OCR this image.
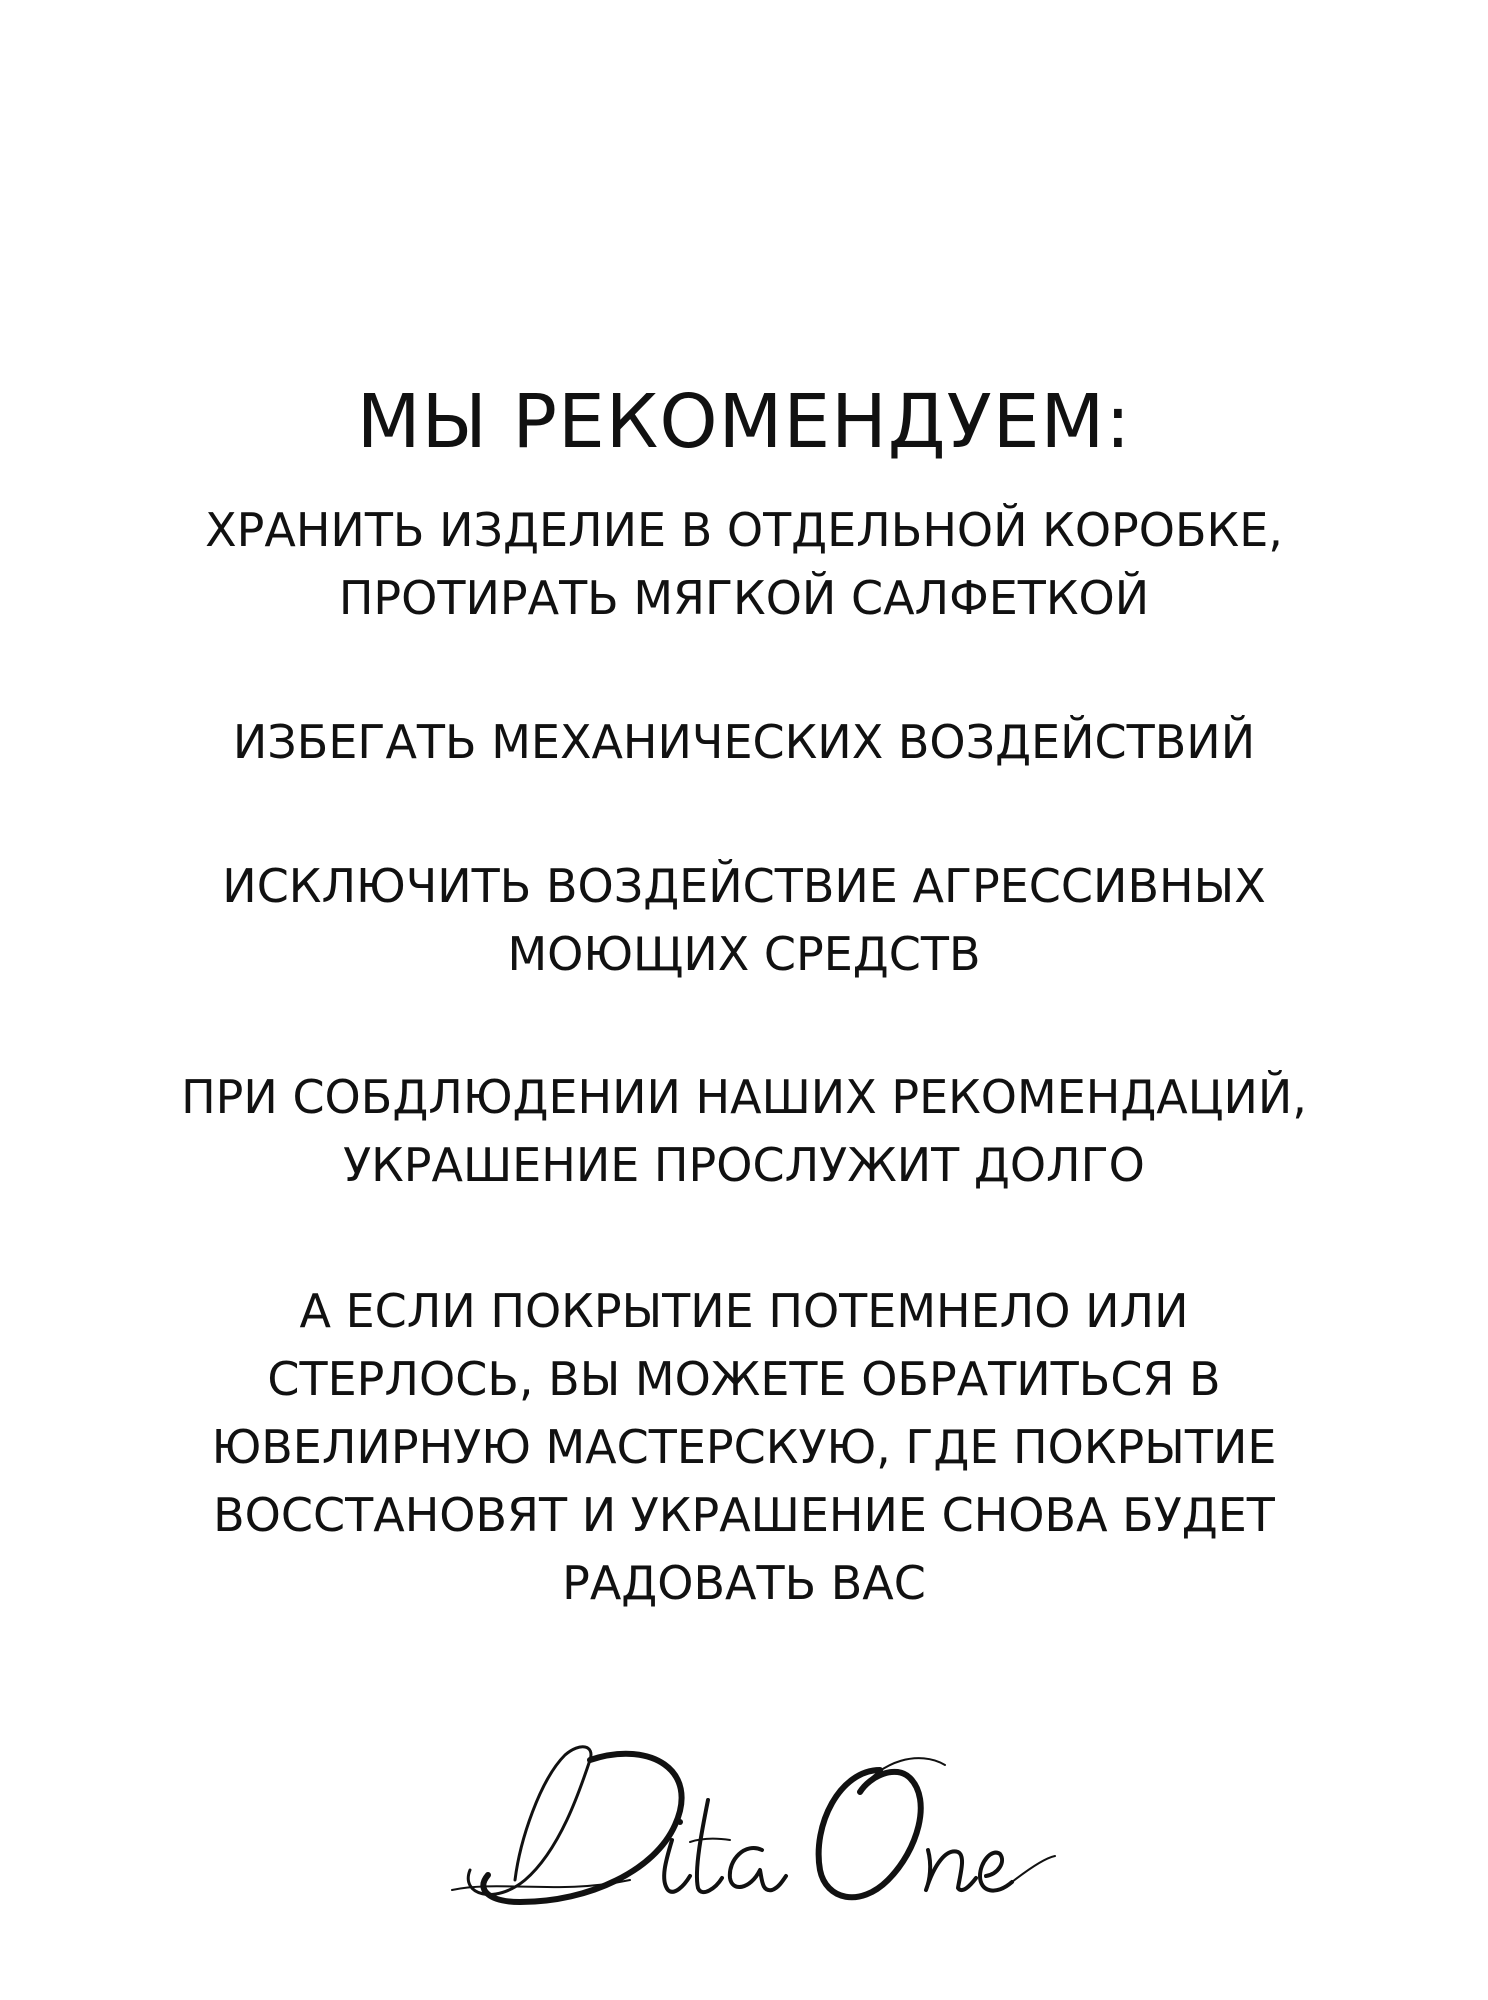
МЫ РЕКОМЕНДУЕМ:
ХРАНИТЬ ИЗДЕЛИЕ В ОТДЕЛЬНОЙ КОРОБКЕ,
ПРОТИРАТЬ МЯГКОЙ САЛФЕТКОЙ
ИЗБЕГАТЬ МЕХАНИЧЕСКИХ ВОЗДЕЙСТВИЙ
ИСКЛЮЧИТЬ ВОЗДЕЙСТВИЕ АГРЕССИВНЫХ
МОЮЩИХ СРЕДСТВ
ПРИ СОБДЛЮДЕНИИ НАШИХ РЕКОМЕНДАЦИЙ,
УКРАШЕНИЕ ПРОСЛУЖИТ ДОЛГО
А ЕСЛИ ПОКРЫТИЕ ПОТЕМНЕЛО ИЛИ
СТЕРЛОСЬ, ВЫ МОЖЕТЕ ОБРАТИТЬСЯ В
ЮВЕЛИРНУЮ МАСТЕРСКУЮ, ГДЕ ПОКРЫТИЕ
ВОССТАНОВЯТ И УКРАШЕНИЕ СНОВА БУДЕТ
РАДОВАТЬ ВАС
